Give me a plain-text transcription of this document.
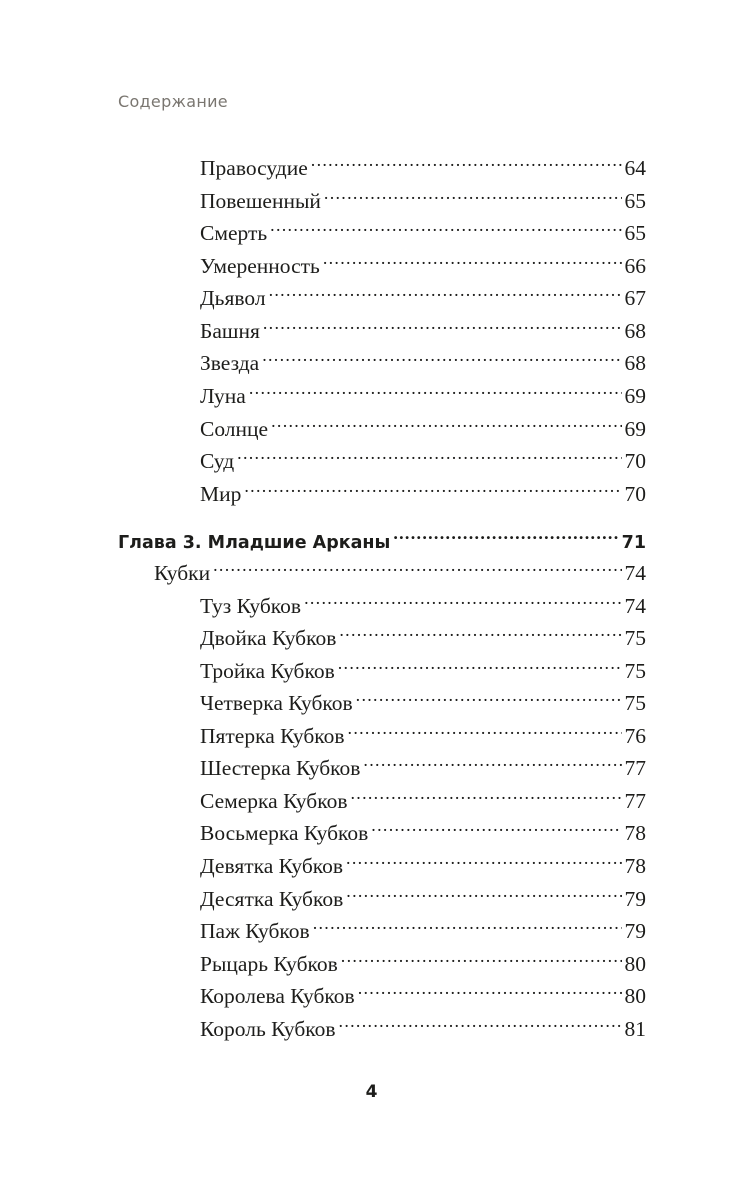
Содержание
Правосудие . . .	64
Повешенный . . .	65
Смерть . . .	65
Умеренность . . .	66
Дьявол . . .	67
Башня . . .	68
Звезда . . .	68
Луна . . .	69
Солнце . . .	69
Суд . . .	70
Мир . . .	70
Глава 3. Младшие Арканы . . .	71
Кубки . . .	74
Туз Кубков . . .	74
Двойка Кубков . . .	75
Тройка Кубков . . .	75
Четверка Кубков . . .	75
Пятерка Кубков . . .	76
Шестерка Кубков . . .	77
Семерка Кубков . . .	77
Восьмерка Кубков . . .	78
Девятка Кубков . . .	78
Десятка Кубков . . .	79
Паж Кубков . . .	79
Рыцарь Кубков . . .	80
Королева Кубков . . .	80
Король Кубков . . .	81
4
